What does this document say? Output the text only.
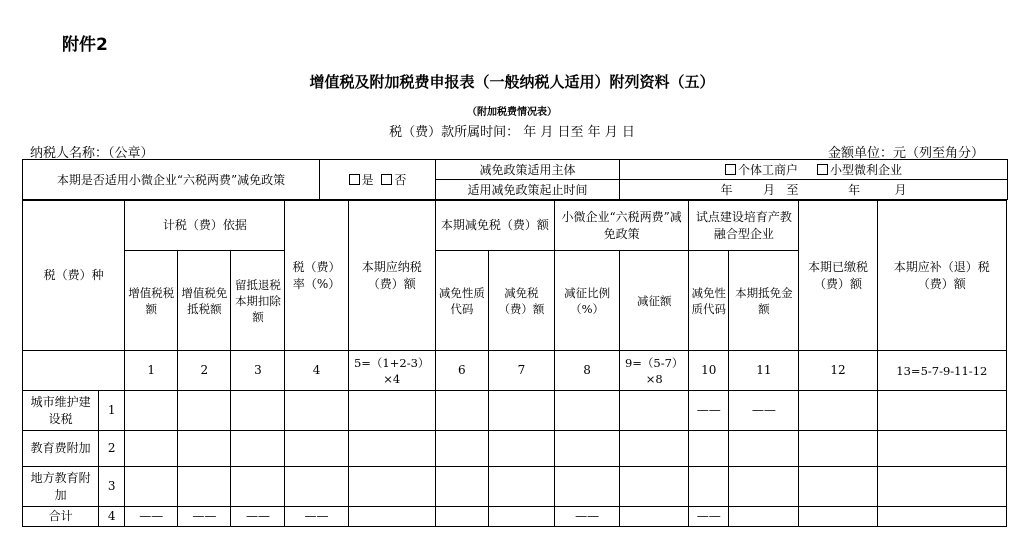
附件2
增值税及附加税费申报表（一般纳税人适用）附列资料（五）
（附加税费情况表）
税（费）款所属时间： 年 月 日至 年 月 日
纳税人名称：（公章）	金额单位：元（列至角分）
本期是否适用小微企业“六税两费”减免政策	是 否	减免政策适用主体	个体工商户 小型微利企业
		适用减免政策起止时间	年 月 至 年 月
税（费）种		计税（费）依据			税（费）率（%）	本期应纳税（费）额	本期减免税（费）额		小微企业“六税两费”减免政策		试点建设培育产教融合型企业		本期已缴税（费）额	本期应补（退）税（费）额
		增值税税额	增值税免抵税额	留抵退税本期扣除额			减免性质代码	减免税（费）额	减征比例（%）	减征额	减免性质代码	本期抵免金额		
		1	2	3	4	5=（1+2-3）×4	6	7	8	9=（5-7）×8	10	11	12	13=5-7-9-11-12
城市维护建设税	1										——	——		
教育费附加	2													
地方教育附加	3													
合计	4	——	——	——	——				——		——			
